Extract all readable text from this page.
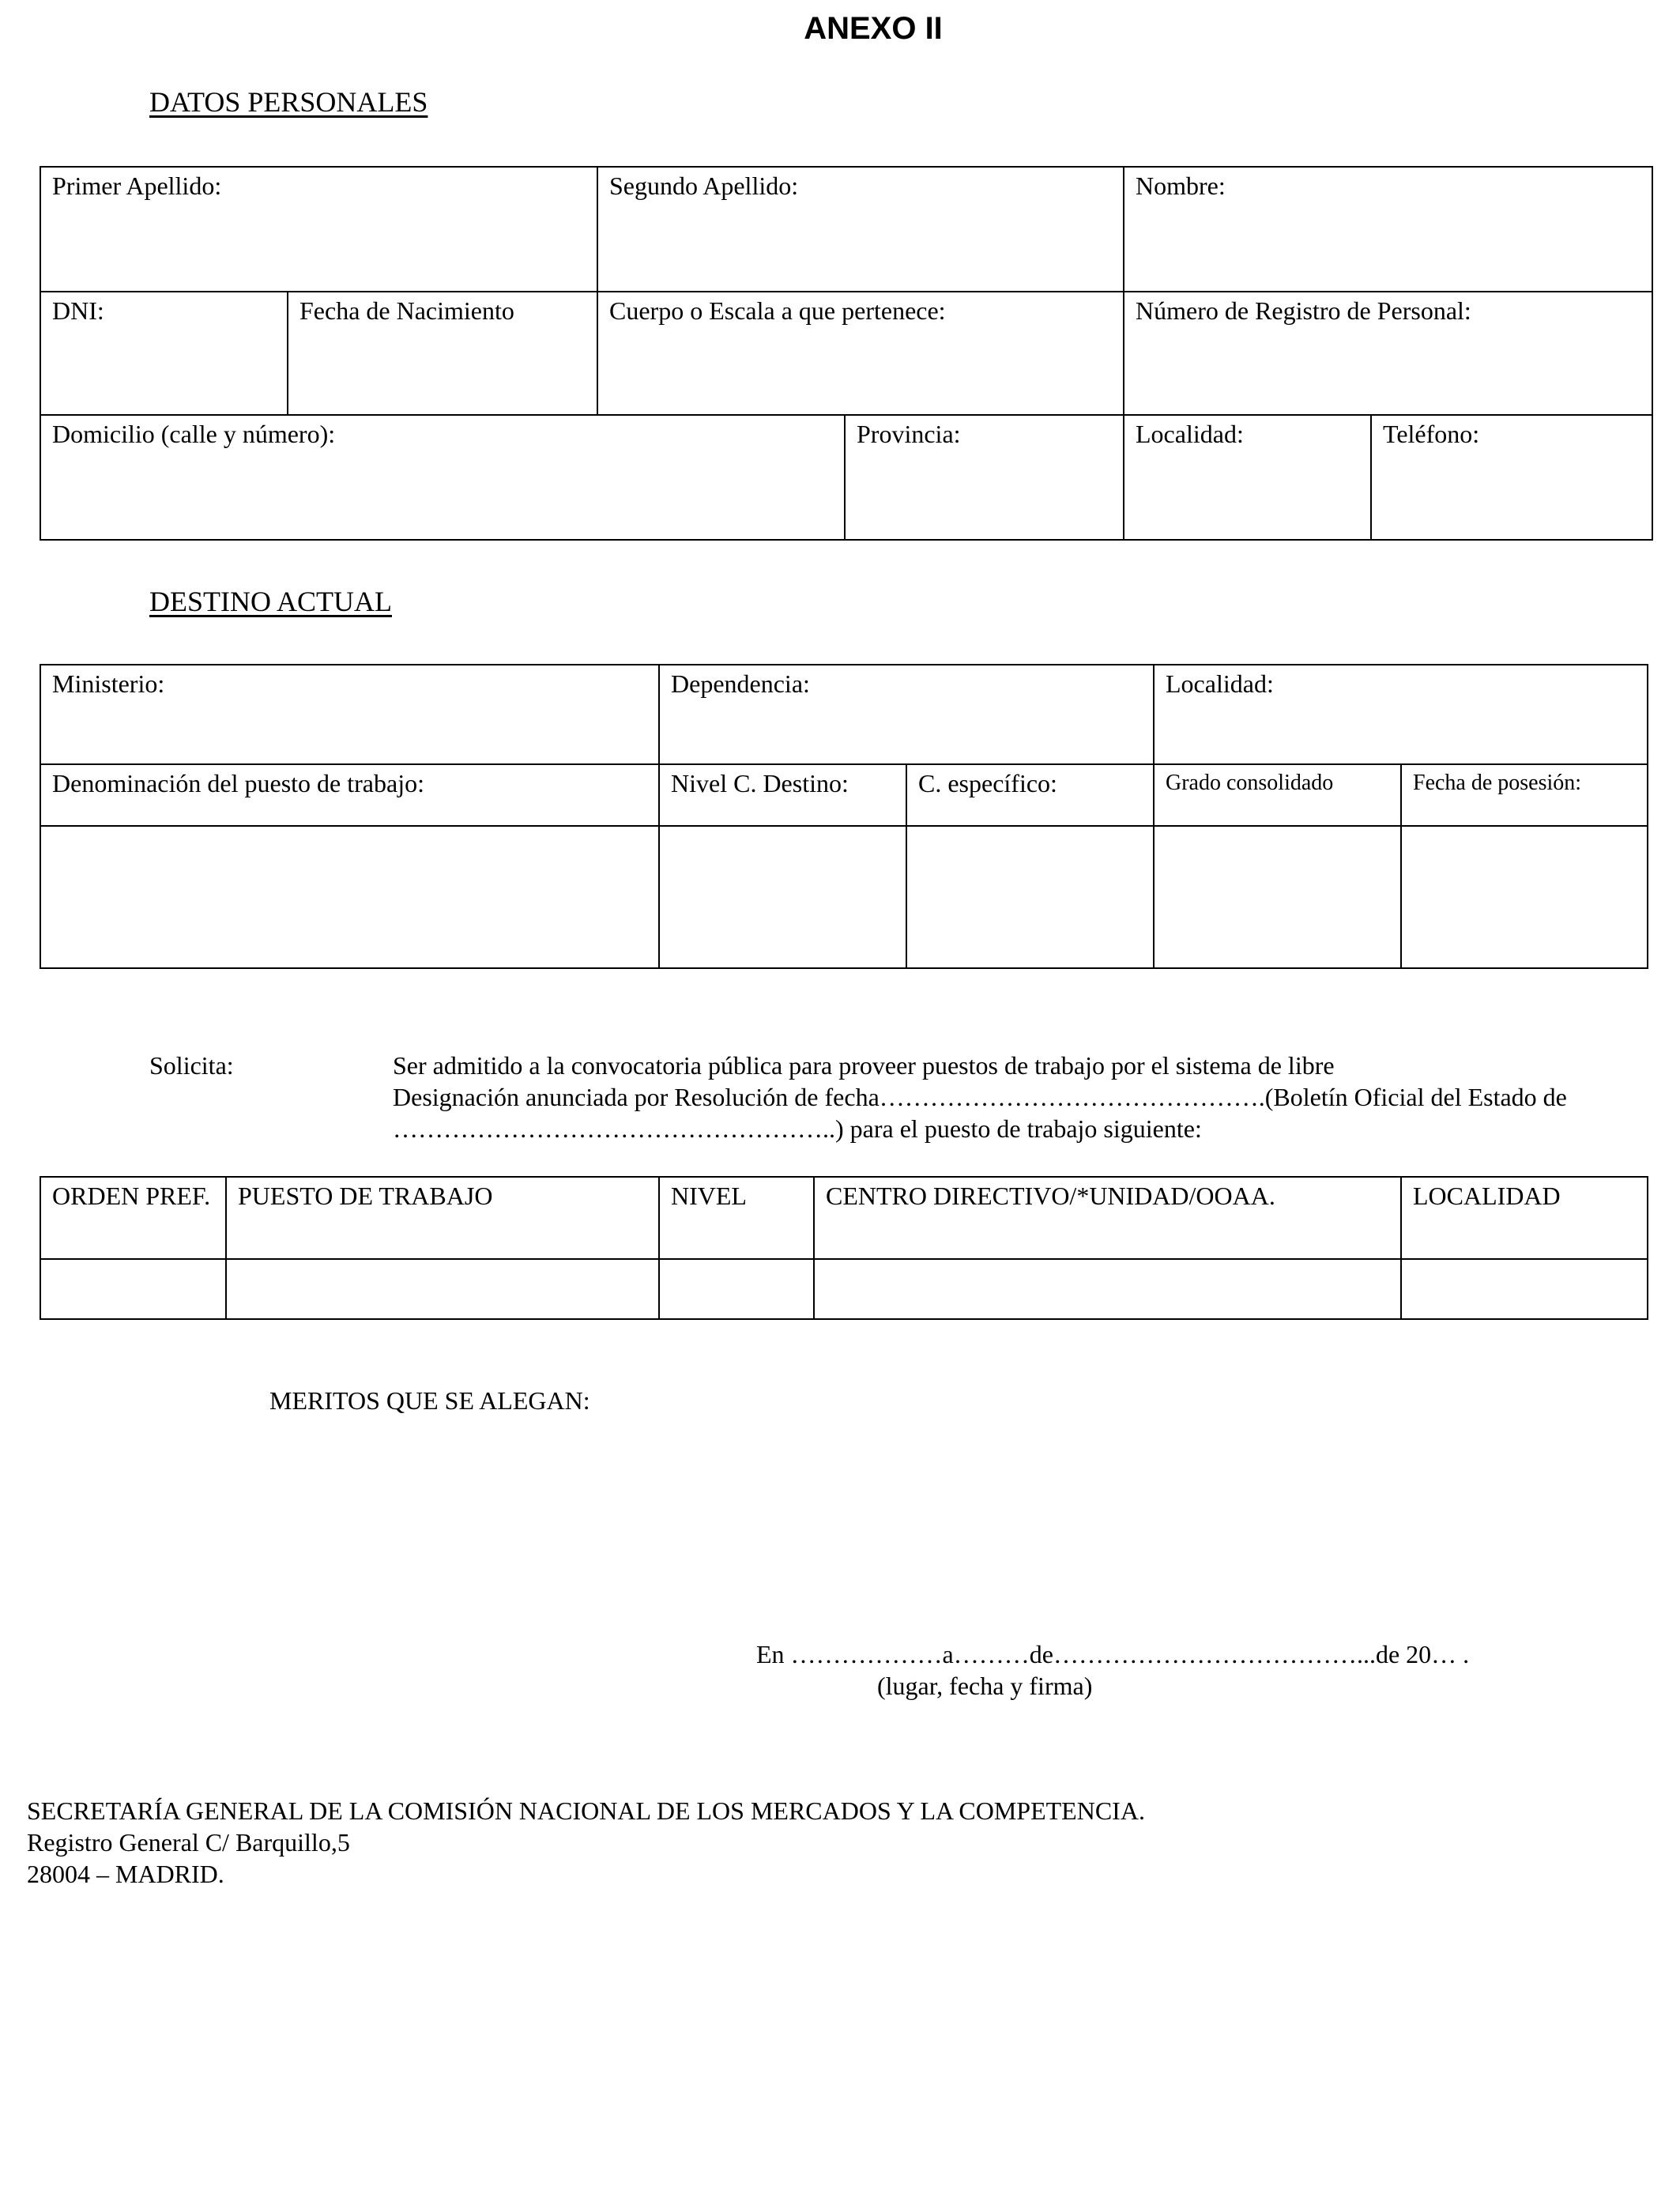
ANEXO II
DATOS PERSONALES
Primer Apellido:	Segundo Apellido:	Nombre:
DNI:	Fecha de Nacimiento	Cuerpo o Escala a que pertenece:	Número de Registro de Personal:
Domicilio (calle y número):	Provincia:	Localidad:	Teléfono:
DESTINO ACTUAL
Ministerio:	Dependencia:	Localidad:
Denominación del puesto de trabajo:	Nivel C. Destino:	C. específico:	Grado consolidado	Fecha de posesión:
Solicita:	Ser admitido a la convocatoria pública para proveer puestos de trabajo por el sistema de libre
Designación anunciada por Resolución de fecha……………………………………….(Boletín Oficial del Estado de
……………………………………………..) para el puesto de trabajo siguiente:
ORDEN PREF.	PUESTO DE TRABAJO	NIVEL	CENTRO DIRECTIVO/*UNIDAD/OOAA.	LOCALIDAD
MERITOS QUE SE ALEGAN:
En ………………a………de………………………………...de 20… .
(lugar, fecha y firma)
SECRETARÍA GENERAL DE LA COMISIÓN NACIONAL DE LOS MERCADOS Y LA COMPETENCIA.
Registro General C/ Barquillo,5
28004 – MADRID.
